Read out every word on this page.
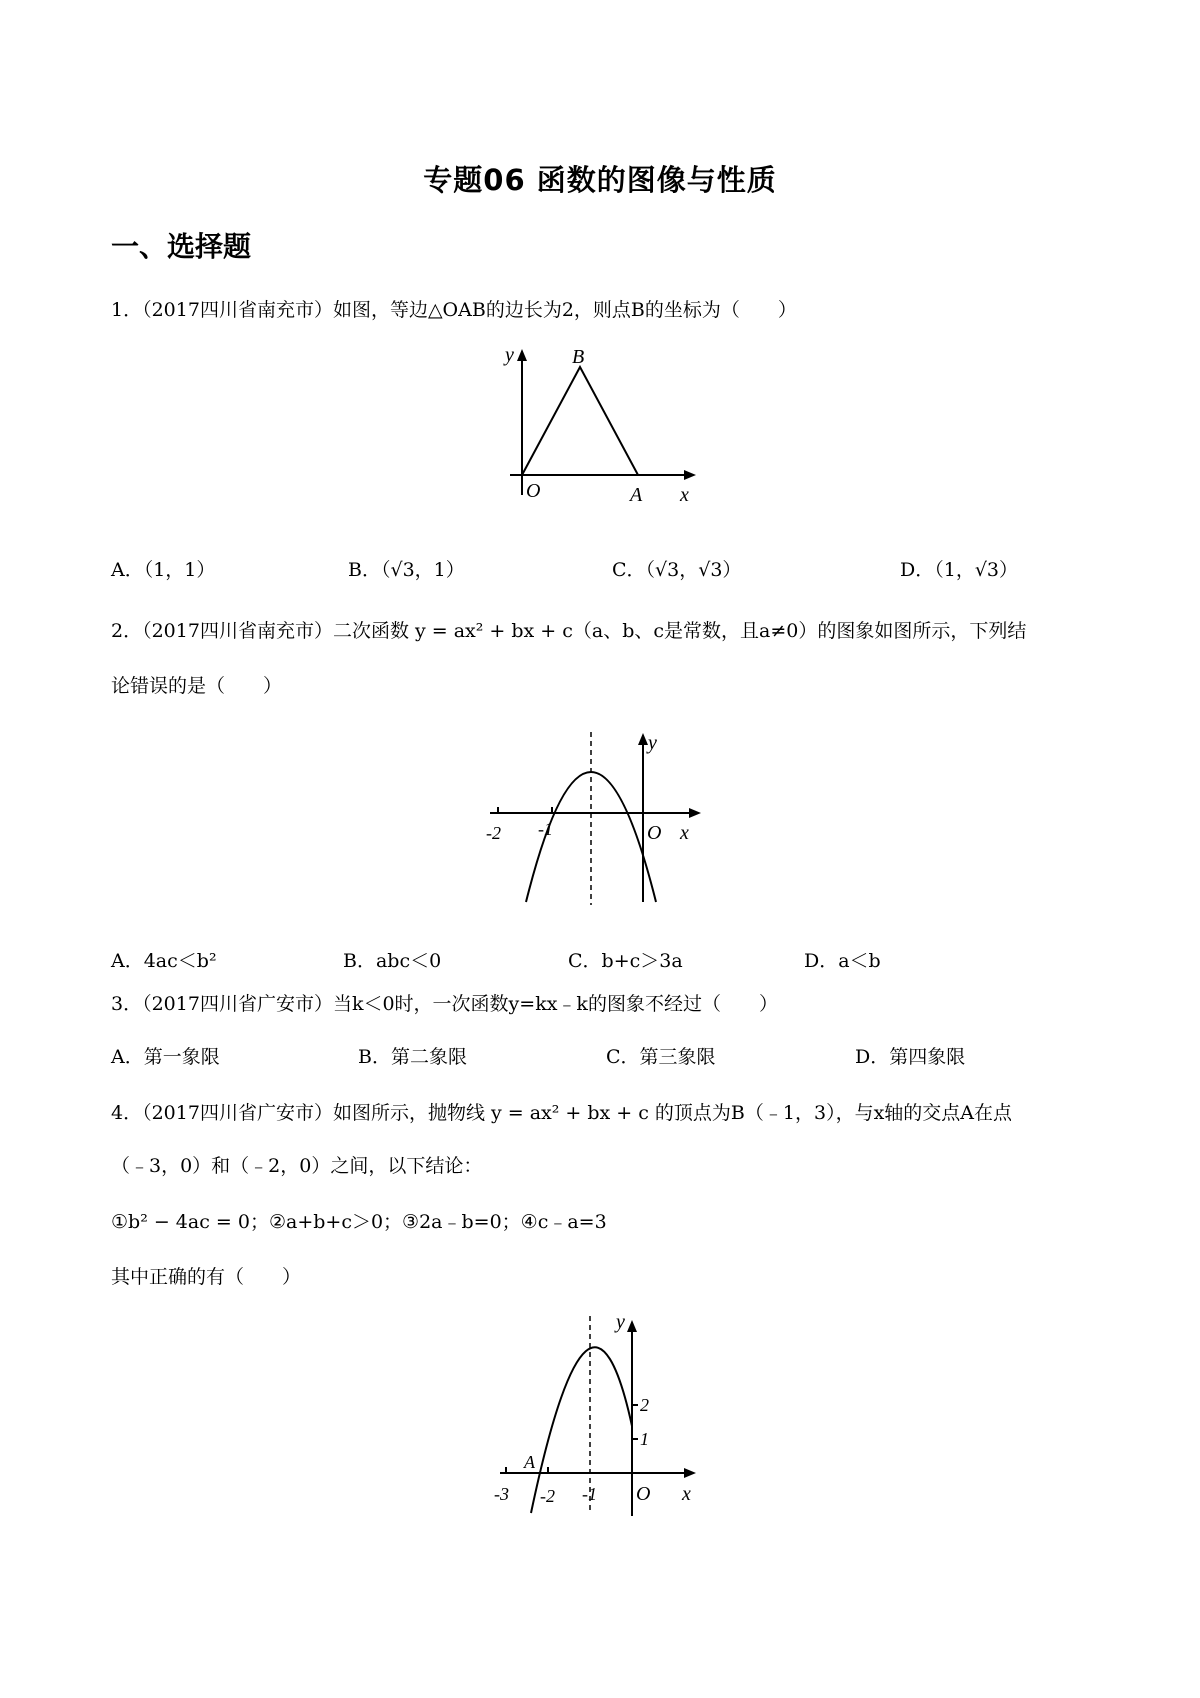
专题06 函数的图像与性质
一、选择题
1．（2017四川省南充市）如图，等边△OAB的边长为2，则点B的坐标为（　　）
y	B
O	A x
A．（1，1）	B．（√3，1）	C．（√3，√3）	D．（1，√3）
2．（2017四川省南充市）二次函数 y = ax² + bx + c（a、b、c是常数，且a≠0）的图象如图所示，下列结
论错误的是（　　）
y
x
O
-2 -1
A．4ac＜b²	B．abc＜0	C．b+c＞3a	D．a＜b
3．（2017四川省广安市）当k＜0时，一次函数y=kx﹣k的图象不经过（　　）
A．第一象限	B．第二象限	C．第三象限	D．第四象限
4．（2017四川省广安市）如图所示，抛物线 y = ax² + bx + c 的顶点为B（﹣1，3），与x轴的交点A在点
（﹣3，0）和（﹣2，0）之间，以下结论：
①b² − 4ac = 0；②a+b+c＞0；③2a﹣b=0；④c﹣a=3
其中正确的有（　　）
y
x
O
A
-3 -2 -1
2
1
